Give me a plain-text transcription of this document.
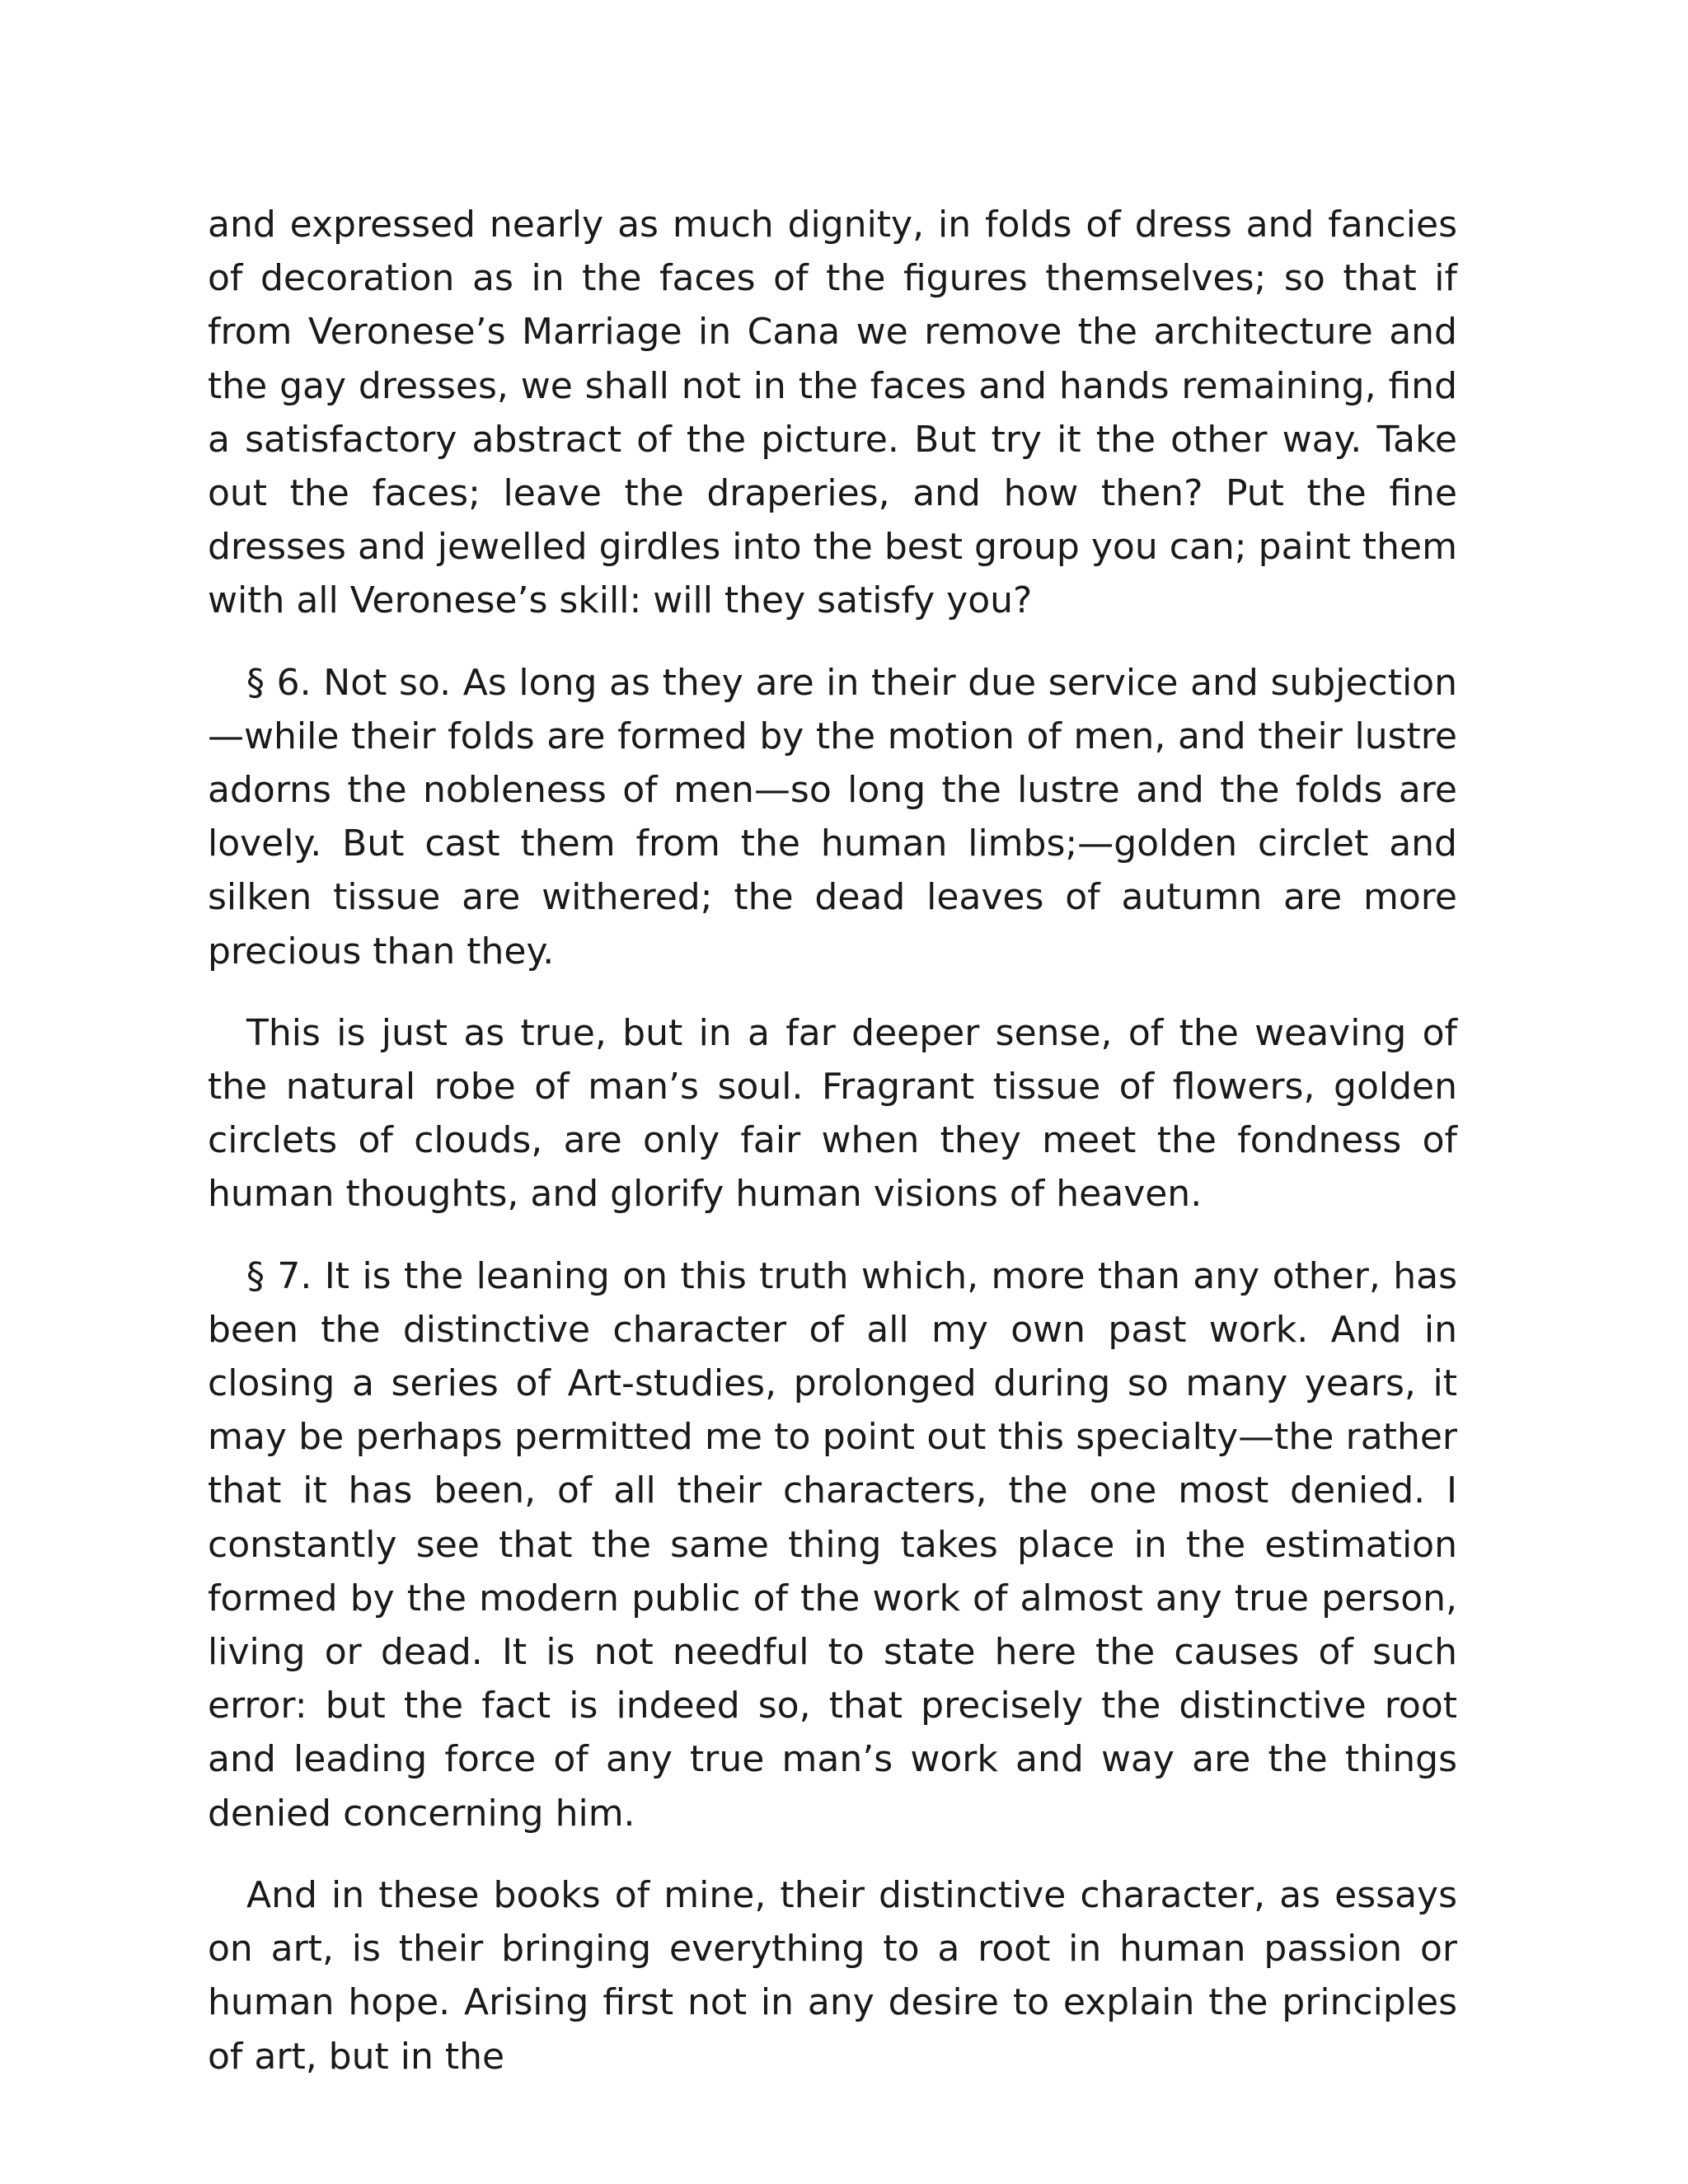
and expressed nearly as much dignity, in folds of dress and fancies of decoration as in the faces of the figures themselves; so that if from Veronese’s Marriage in Cana we remove the architecture and the gay dresses, we shall not in the faces and hands remaining, find a satisfactory abstract of the picture. But try it the other way. Take out the faces; leave the draperies, and how then? Put the fine dresses and jewelled girdles into the best group you can; paint them with all Veronese’s skill: will they satisfy you?

§ 6. Not so. As long as they are in their due service and subjection—while their folds are formed by the motion of men, and their lustre adorns the nobleness of men—so long the lustre and the folds are lovely. But cast them from the human limbs;—golden circlet and silken tissue are withered; the dead leaves of autumn are more precious than they.

This is just as true, but in a far deeper sense, of the weaving of the natural robe of man’s soul. Fragrant tissue of flowers, golden circlets of clouds, are only fair when they meet the fondness of human thoughts, and glorify human visions of heaven.

§ 7. It is the leaning on this truth which, more than any other, has been the distinctive character of all my own past work. And in closing a series of Art-studies, prolonged during so many years, it may be perhaps permitted me to point out this specialty—the rather that it has been, of all their characters, the one most denied. I constantly see that the same thing takes place in the estimation formed by the modern public of the work of almost any true person, living or dead. It is not needful to state here the causes of such error: but the fact is indeed so, that precisely the distinctive root and leading force of any true man’s work and way are the things denied concerning him.

And in these books of mine, their distinctive character, as essays on art, is their bringing everything to a root in human passion or human hope. Arising first not in any desire to explain the principles of art, but in the
